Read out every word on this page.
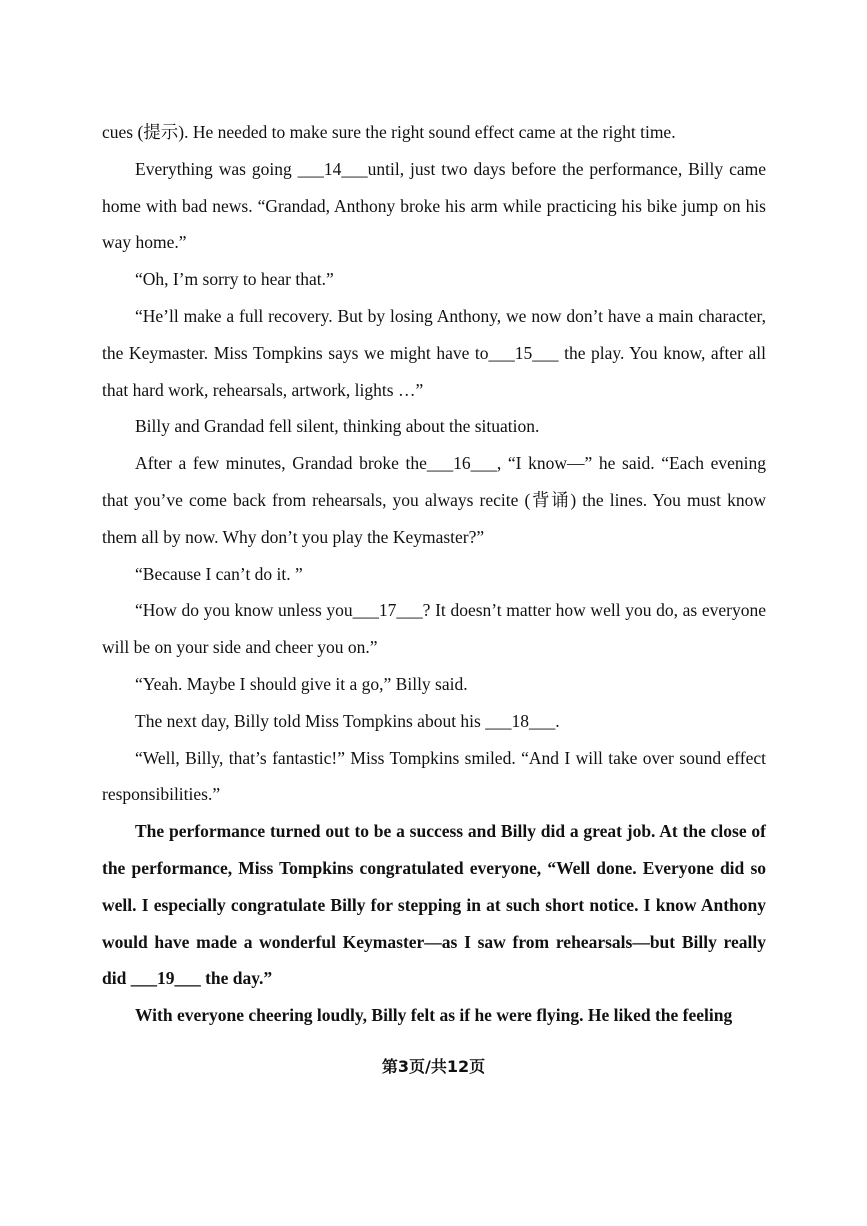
cues (提示). He needed to make sure the right sound effect came at the right time.

Everything was going ___14___until, just two days before the performance, Billy came home with bad news. “Grandad, Anthony broke his arm while practicing his bike jump on his way home.”

“Oh, I’m sorry to hear that.”

“He’ll make a full recovery. But by losing Anthony, we now don’t have a main character, the Keymaster. Miss Tompkins says we might have to___15___ the play. You know, after all that hard work, rehearsals, artwork, lights …”

Billy and Grandad fell silent, thinking about the situation.

After a few minutes, Grandad broke the___16___, “I know—” he said. “Each evening that you’ve come back from rehearsals, you always recite (背诵) the lines. You must know them all by now. Why don’t you play the Keymaster?”

“Because I can’t do it. ”

“How do you know unless you___17___? It doesn’t matter how well you do, as everyone will be on your side and cheer you on.”

“Yeah. Maybe I should give it a go,” Billy said.

The next day, Billy told Miss Tompkins about his ___18___.

“Well, Billy, that’s fantastic!” Miss Tompkins smiled. “And I will take over sound effect responsibilities.”

The performance turned out to be a success and Billy did a great job. At the close of the performance, Miss Tompkins congratulated everyone, “Well done. Everyone did so well. I especially congratulate Billy for stepping in at such short notice. I know Anthony would have made a wonderful Keymaster—as I saw from rehearsals—but Billy really did ___19___ the day.”

With everyone cheering loudly, Billy felt as if he were flying. He liked the feeling

第3页/共12页
